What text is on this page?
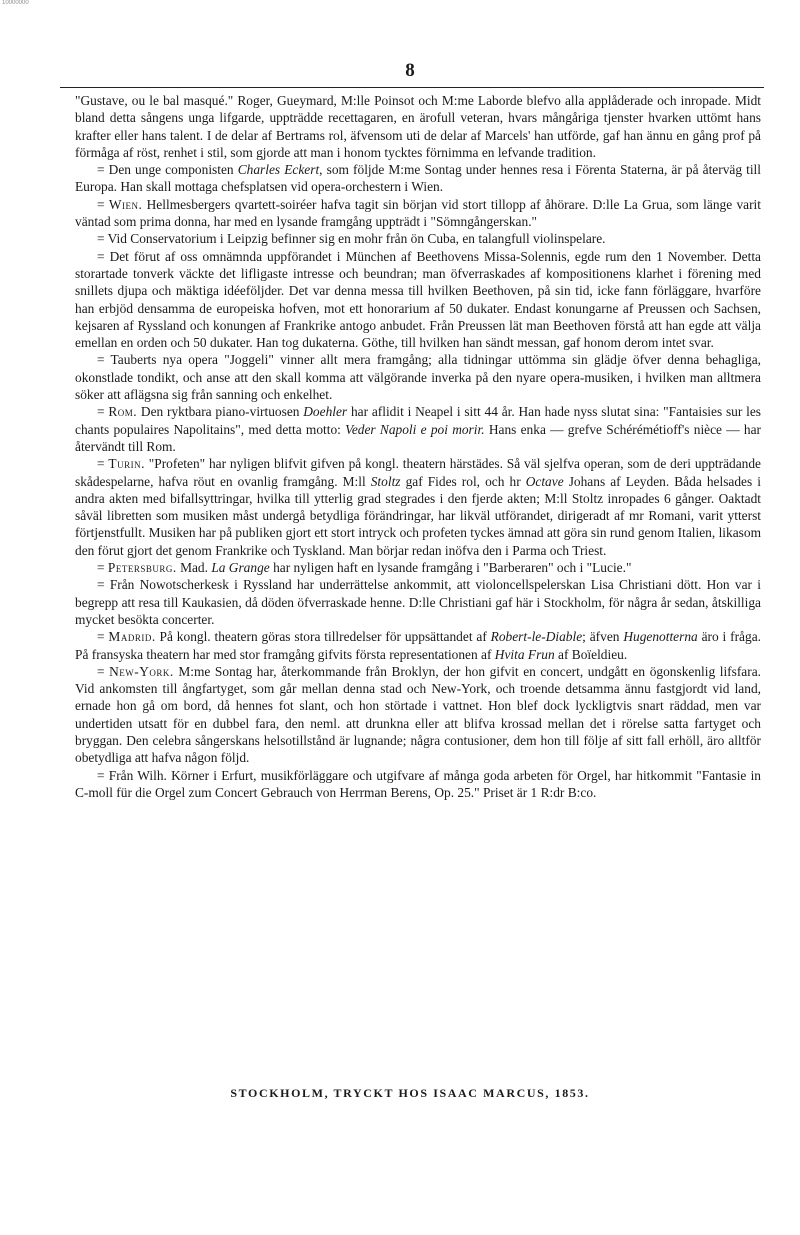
10000000
8

"Gustave, ou le bal masqué." Roger, Gueymard, M:lle Poinsot och M:me Laborde blefvo alla applåderade och inropade. Midt bland detta sångens unga lifgarde, uppträdde recettagaren, en ärofull veteran, hvars mångåriga tjenster hvarken uttömt hans krafter eller hans talent. I de delar af Bertrams rol, äfvensom uti de delar af Marcels' han utförde, gaf han ännu en gång prof på förmåga af röst, renhet i stil, som gjorde att man i honom tycktes förnimma en lefvande tradition.

= Den unge componisten Charles Eckert, som följde M:me Sontag under hennes resa i Förenta Staterna, är på återväg till Europa. Han skall mottaga chefsplatsen vid opera-orchestern i Wien.

= Wien. Hellmesbergers qvartett-soiréer hafva tagit sin början vid stort tillopp af åhörare. D:lle La Grua, som länge varit väntad som prima donna, har med en lysande framgång uppträdt i "Sömngångerskan."

= Vid Conservatorium i Leipzig befinner sig en mohr från ön Cuba, en talangfull violinspelare.

= Det förut af oss omnämnda uppförandet i München af Beethovens Missa-Solennis, egde rum den 1 November. Detta storartade tonverk väckte det lifligaste intresse och beundran; man öfverraskades af kompositionens klarhet i förening med snillets djupa och mäktiga idéeföljder. Det var denna messa till hvilken Beethoven, på sin tid, icke fann förläggare, hvarföre han erbjöd densamma de europeiska hofven, mot ett honorarium af 50 dukater. Endast konungarne af Preussen och Sachsen, kejsaren af Ryssland och konungen af Frankrike antogo anbudet. Från Preussen lät man Beethoven förstå att han egde att välja emellan en orden och 50 dukater. Han tog dukaterna. Göthe, till hvilken han sändt messan, gaf honom derom intet svar.

= Tauberts nya opera "Joggeli" vinner allt mera framgång; alla tidningar uttömma sin glädje öfver denna behagliga, okonstlade tondikt, och anse att den skall komma att välgörande inverka på den nyare opera-musiken, i hvilken man alltmera söker att aflägsna sig från sanning och enkelhet.

= Rom. Den ryktbara piano-virtuosen Doehler har aflidit i Neapel i sitt 44 år. Han hade nyss slutat sina: "Fantaisies sur les chants populaires Napolitains", med detta motto: Veder Napoli e poi morir. Hans enka — grefve Schérémétioff's nièce — har återvändt till Rom.

= Turin. "Profeten" har nyligen blifvit gifven på kongl. theatern härstädes. Så väl sjelfva operan, som de deri uppträdande skådespelarne, hafva röut en ovanlig framgång. M:ll Stoltz gaf Fides rol, och hr Octave Johans af Leyden. Båda helsades i andra akten med bifallsyttringar, hvilka till ytterlig grad stegrades i den fjerde akten; M:ll Stoltz inropades 6 gånger. Oaktadt såväl libretten som musiken måst undergå betydliga förändringar, har likväl utförandet, dirigeradt af mr Romani, varit ytterst förtjenstfullt. Musiken har på publiken gjort ett stort intryck och profeten tyckes ämnad att göra sin rund genom Italien, likasom den förut gjort det genom Frankrike och Tyskland. Man börjar redan inöfva den i Parma och Triest.

= Petersburg. Mad. La Grange har nyligen haft en lysande framgång i "Barberaren" och i "Lucie."

= Från Nowotscherkesk i Ryssland har underrättelse ankommit, att violoncellspelerskan Lisa Christiani dött. Hon var i begrepp att resa till Kaukasien, då döden öfverraskade henne. D:lle Christiani gaf här i Stockholm, för några år sedan, åtskilliga mycket besökta concerter.

= Madrid. På kongl. theatern göras stora tillredelser för uppsättandet af Robert-le-Diable; äfven Hugenotterna äro i fråga. På fransyska theatern har med stor framgång gifvits första representationen af Hvita Frun af Boïeldieu.

= New-York. M:me Sontag har, återkommande från Broklyn, der hon gifvit en concert, undgått en ögonskenlig lifsfara. Vid ankomsten till ångfartyget, som går mellan denna stad och New-York, och troende detsamma ännu fastgjordt vid land, ernade hon gå om bord, då hennes fot slant, och hon störtade i vattnet. Hon blef dock lyckligtvis snart räddad, men var undertiden utsatt för en dubbel fara, den neml. att drunkna eller att blifva krossad mellan det i rörelse satta fartyget och bryggan. Den celebra sångerskans helsotillstånd är lugnande; några contusioner, dem hon till följe af sitt fall erhöll, äro alltför obetydliga att hafva någon följd.

= Från Wilh. Körner i Erfurt, musikförläggare och utgifvare af många goda arbeten för Orgel, har hitkommit "Fantasie in C-moll für die Orgel zum Concert Gebrauch von Herrman Berens, Op. 25." Priset är 1 R:dr B:co.

STOCKHOLM, TRYCKT HOS ISAAC MARCUS, 1853.
